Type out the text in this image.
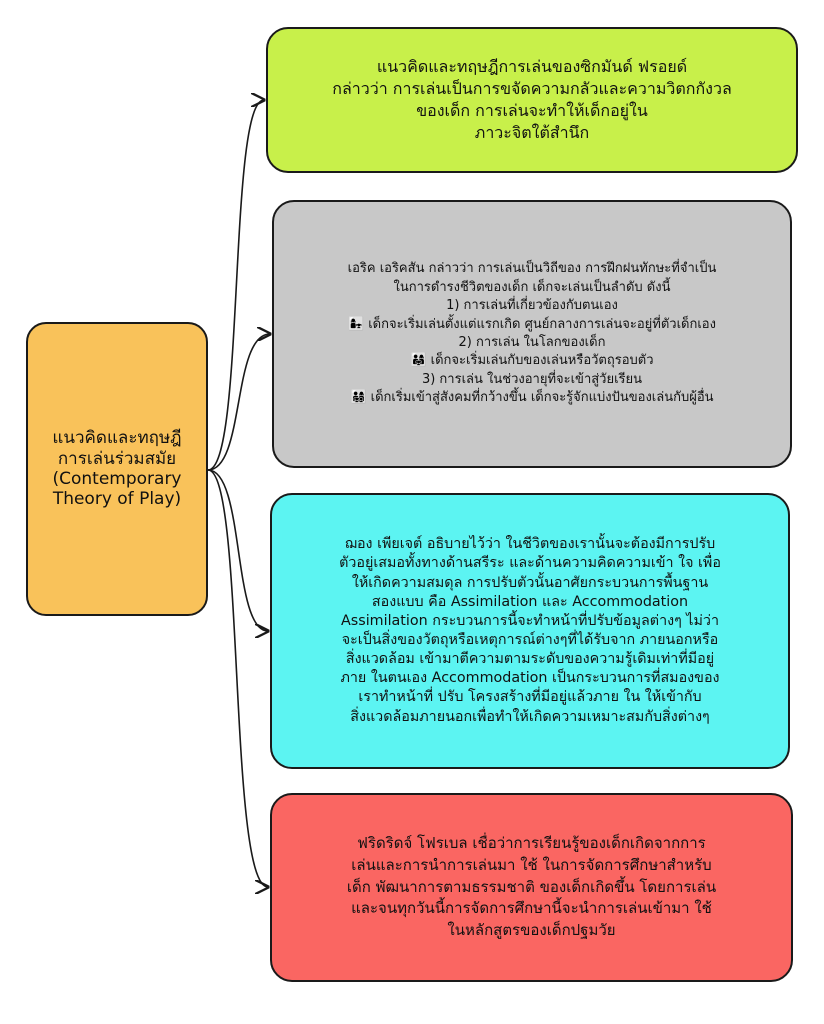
แนวคิดและทฤษฎี
การเล่นร่วมสมัย
(Contemporary
Theory of Play)
แนวคิดและทฤษฎีการเล่นของซิกมันด์ ฟรอยด์
กล่าวว่า การเล่นเป็นการขจัดความกลัวและความวิตกกังวล
ของเด็ก การเล่นจะทำให้เด็กอยู่ใน
ภาวะจิตใต้สำนึก
เอริค เอริคสัน กล่าวว่า การเล่นเป็นวิถีของ การฝึกฝนทักษะที่จำเป็น
ในการดำรงชีวิตของเด็ก เด็กจะเล่นเป็นลำดับ ดังนี้
1) การเล่นที่เกี่ยวข้องกับตนเอง
👩‍👧 เด็กจะเริ่มเล่นตั้งแต่แรกเกิด ศูนย์กลางการเล่นจะอยู่ที่ตัวเด็กเอง
2) การเล่น ในโลกของเด็ก
👨‍👩‍👧 เด็กจะเริ่มเล่นกับของเล่นหรือวัตถุรอบตัว
3) การเล่น ในช่วงอายุที่จะเข้าสู่วัยเรียน
👨‍👩‍👧‍👦 เด็กเริ่มเข้าสู่สังคมที่กว้างขึ้น เด็กจะรู้จักแบ่งปันของเล่นกับผู้อื่น
ฌอง เพียเจต์ อธิบายไว้ว่า ในชีวิตของเรานั้นจะต้องมีการปรับ
ตัวอยู่เสมอทั้งทางด้านสรีระ และด้านความคิดความเข้า ใจ เพื่อ
ให้เกิดความสมดุล การปรับตัวนั้นอาศัยกระบวนการพื้นฐาน
สองแบบ คือ Assimilation และ Accommodation
Assimilation กระบวนการนี้จะทำหน้าที่ปรับข้อมูลต่างๆ ไม่ว่า
จะเป็นสิ่งของวัตถุหรือเหตุการณ์ต่างๆที่ได้รับจาก ภายนอกหรือ
สิ่งแวดล้อม เข้ามาตีความตามระดับของความรู้เดิมเท่าที่มีอยู่
ภาย ในตนเอง Accommodation เป็นกระบวนการที่สมองของ
เราทำหน้าที่ ปรับ โครงสร้างที่มีอยู่แล้วภาย ใน ให้เข้ากับ
สิ่งแวดล้อมภายนอกเพื่อทำให้เกิดความเหมาะสมกับสิ่งต่างๆ
ฟริดริดจ์ โฟรเบล เชื่อว่าการเรียนรู้ของเด็กเกิดจากการ
เล่นและการนำการเล่นมา ใช้ ในการจัดการศึกษาสำหรับ
เด็ก พัฒนาการตามธรรมชาติ ของเด็กเกิดขึ้น โดยการเล่น
และจนทุกวันนี้การจัดการศึกษานี้จะนำการเล่นเข้ามา ใช้
ในหลักสูตรของเด็กปฐมวัย
